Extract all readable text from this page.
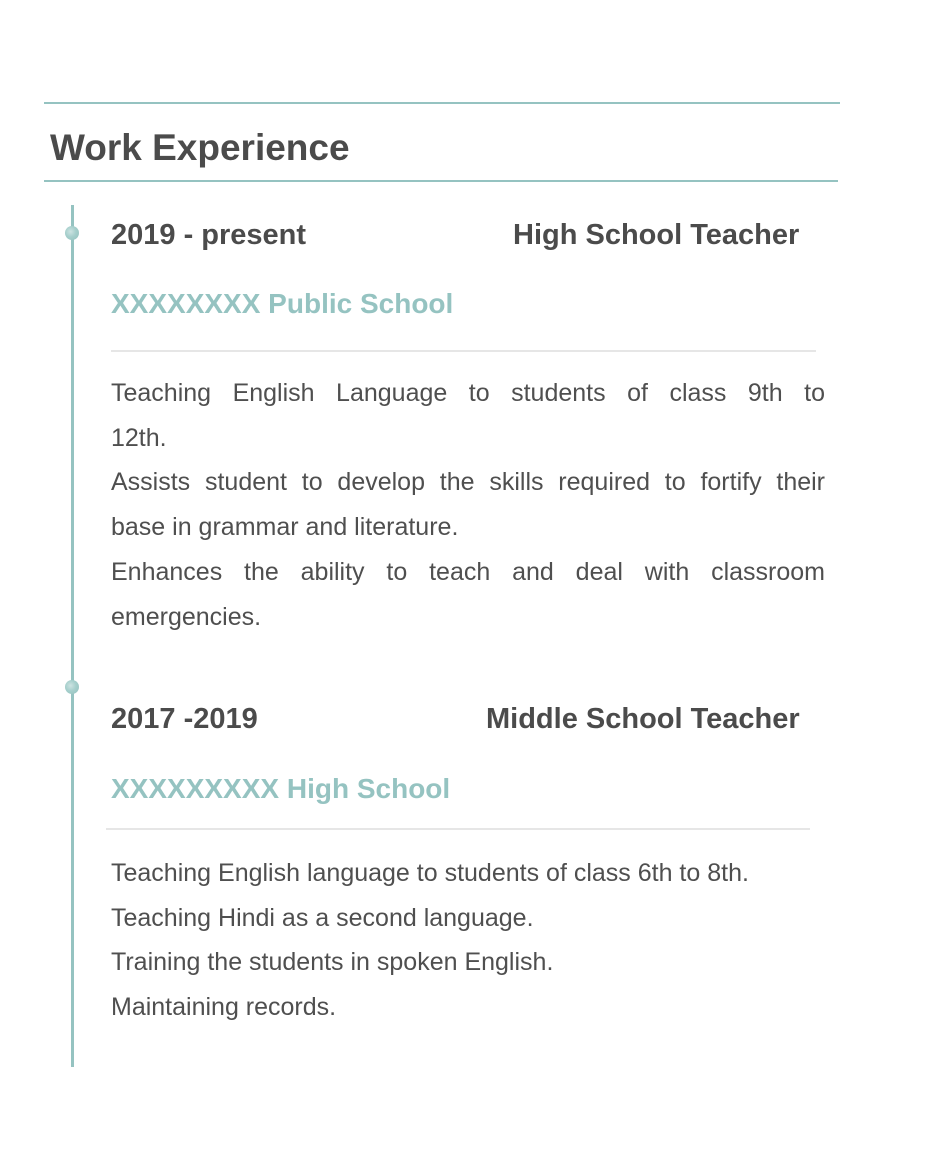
Work Experience
2019 - present	High School Teacher
XXXXXXXX Public School
Teaching English Language to students of class 9th to
12th.
Assists student to develop the skills required to fortify their
base in grammar and literature.
Enhances the ability to teach and deal with classroom
emergencies.
2017 -2019	Middle School Teacher
XXXXXXXXX High School
Teaching English language to students of class 6th to 8th.
Teaching Hindi as a second language.
Training the students in spoken English.
Maintaining records.
